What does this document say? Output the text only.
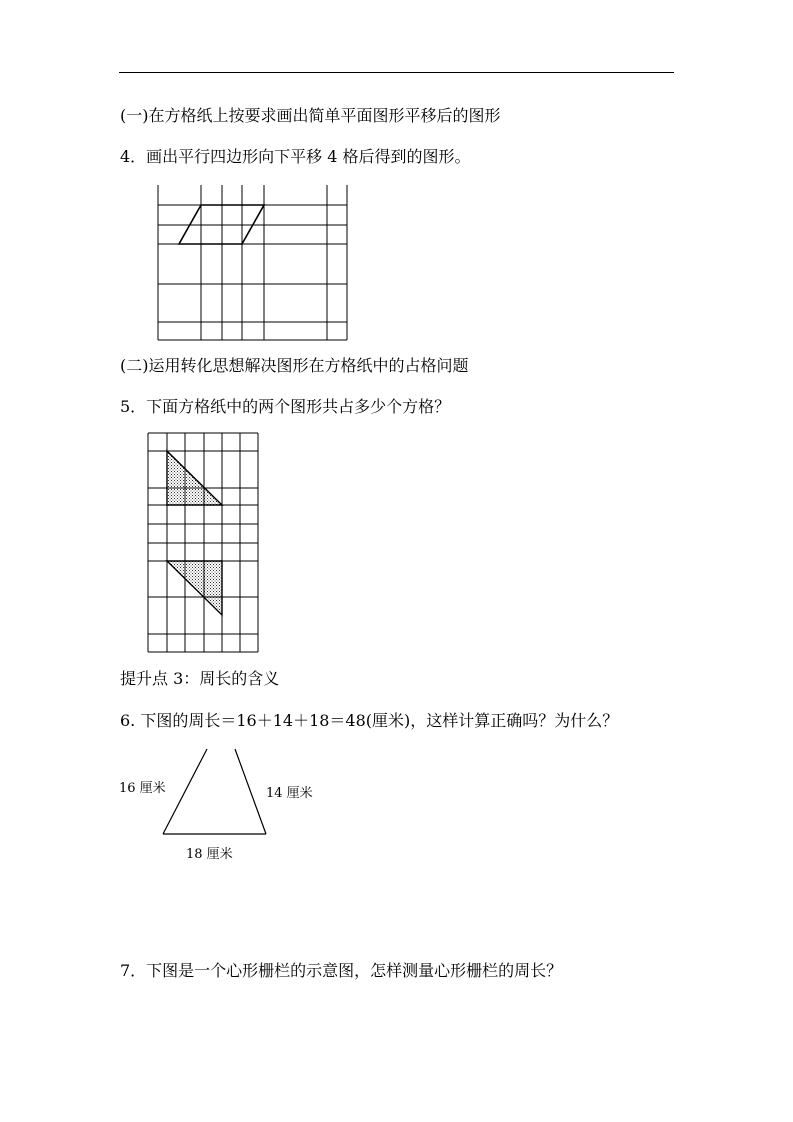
(一)在方格纸上按要求画出简单平面图形平移后的图形
4．画出平行四边形向下平移 4 格后得到的图形。
(二)运用转化思想解决图形在方格纸中的占格问题
5．下面方格纸中的两个图形共占多少个方格？
提升点 3：周长的含义
6. 下图的周长＝16＋14＋18＝48(厘米)，这样计算正确吗？为什么？
7．下图是一个心形栅栏的示意图，怎样测量心形栅栏的周长？
16 厘米	14 厘米
18 厘米
